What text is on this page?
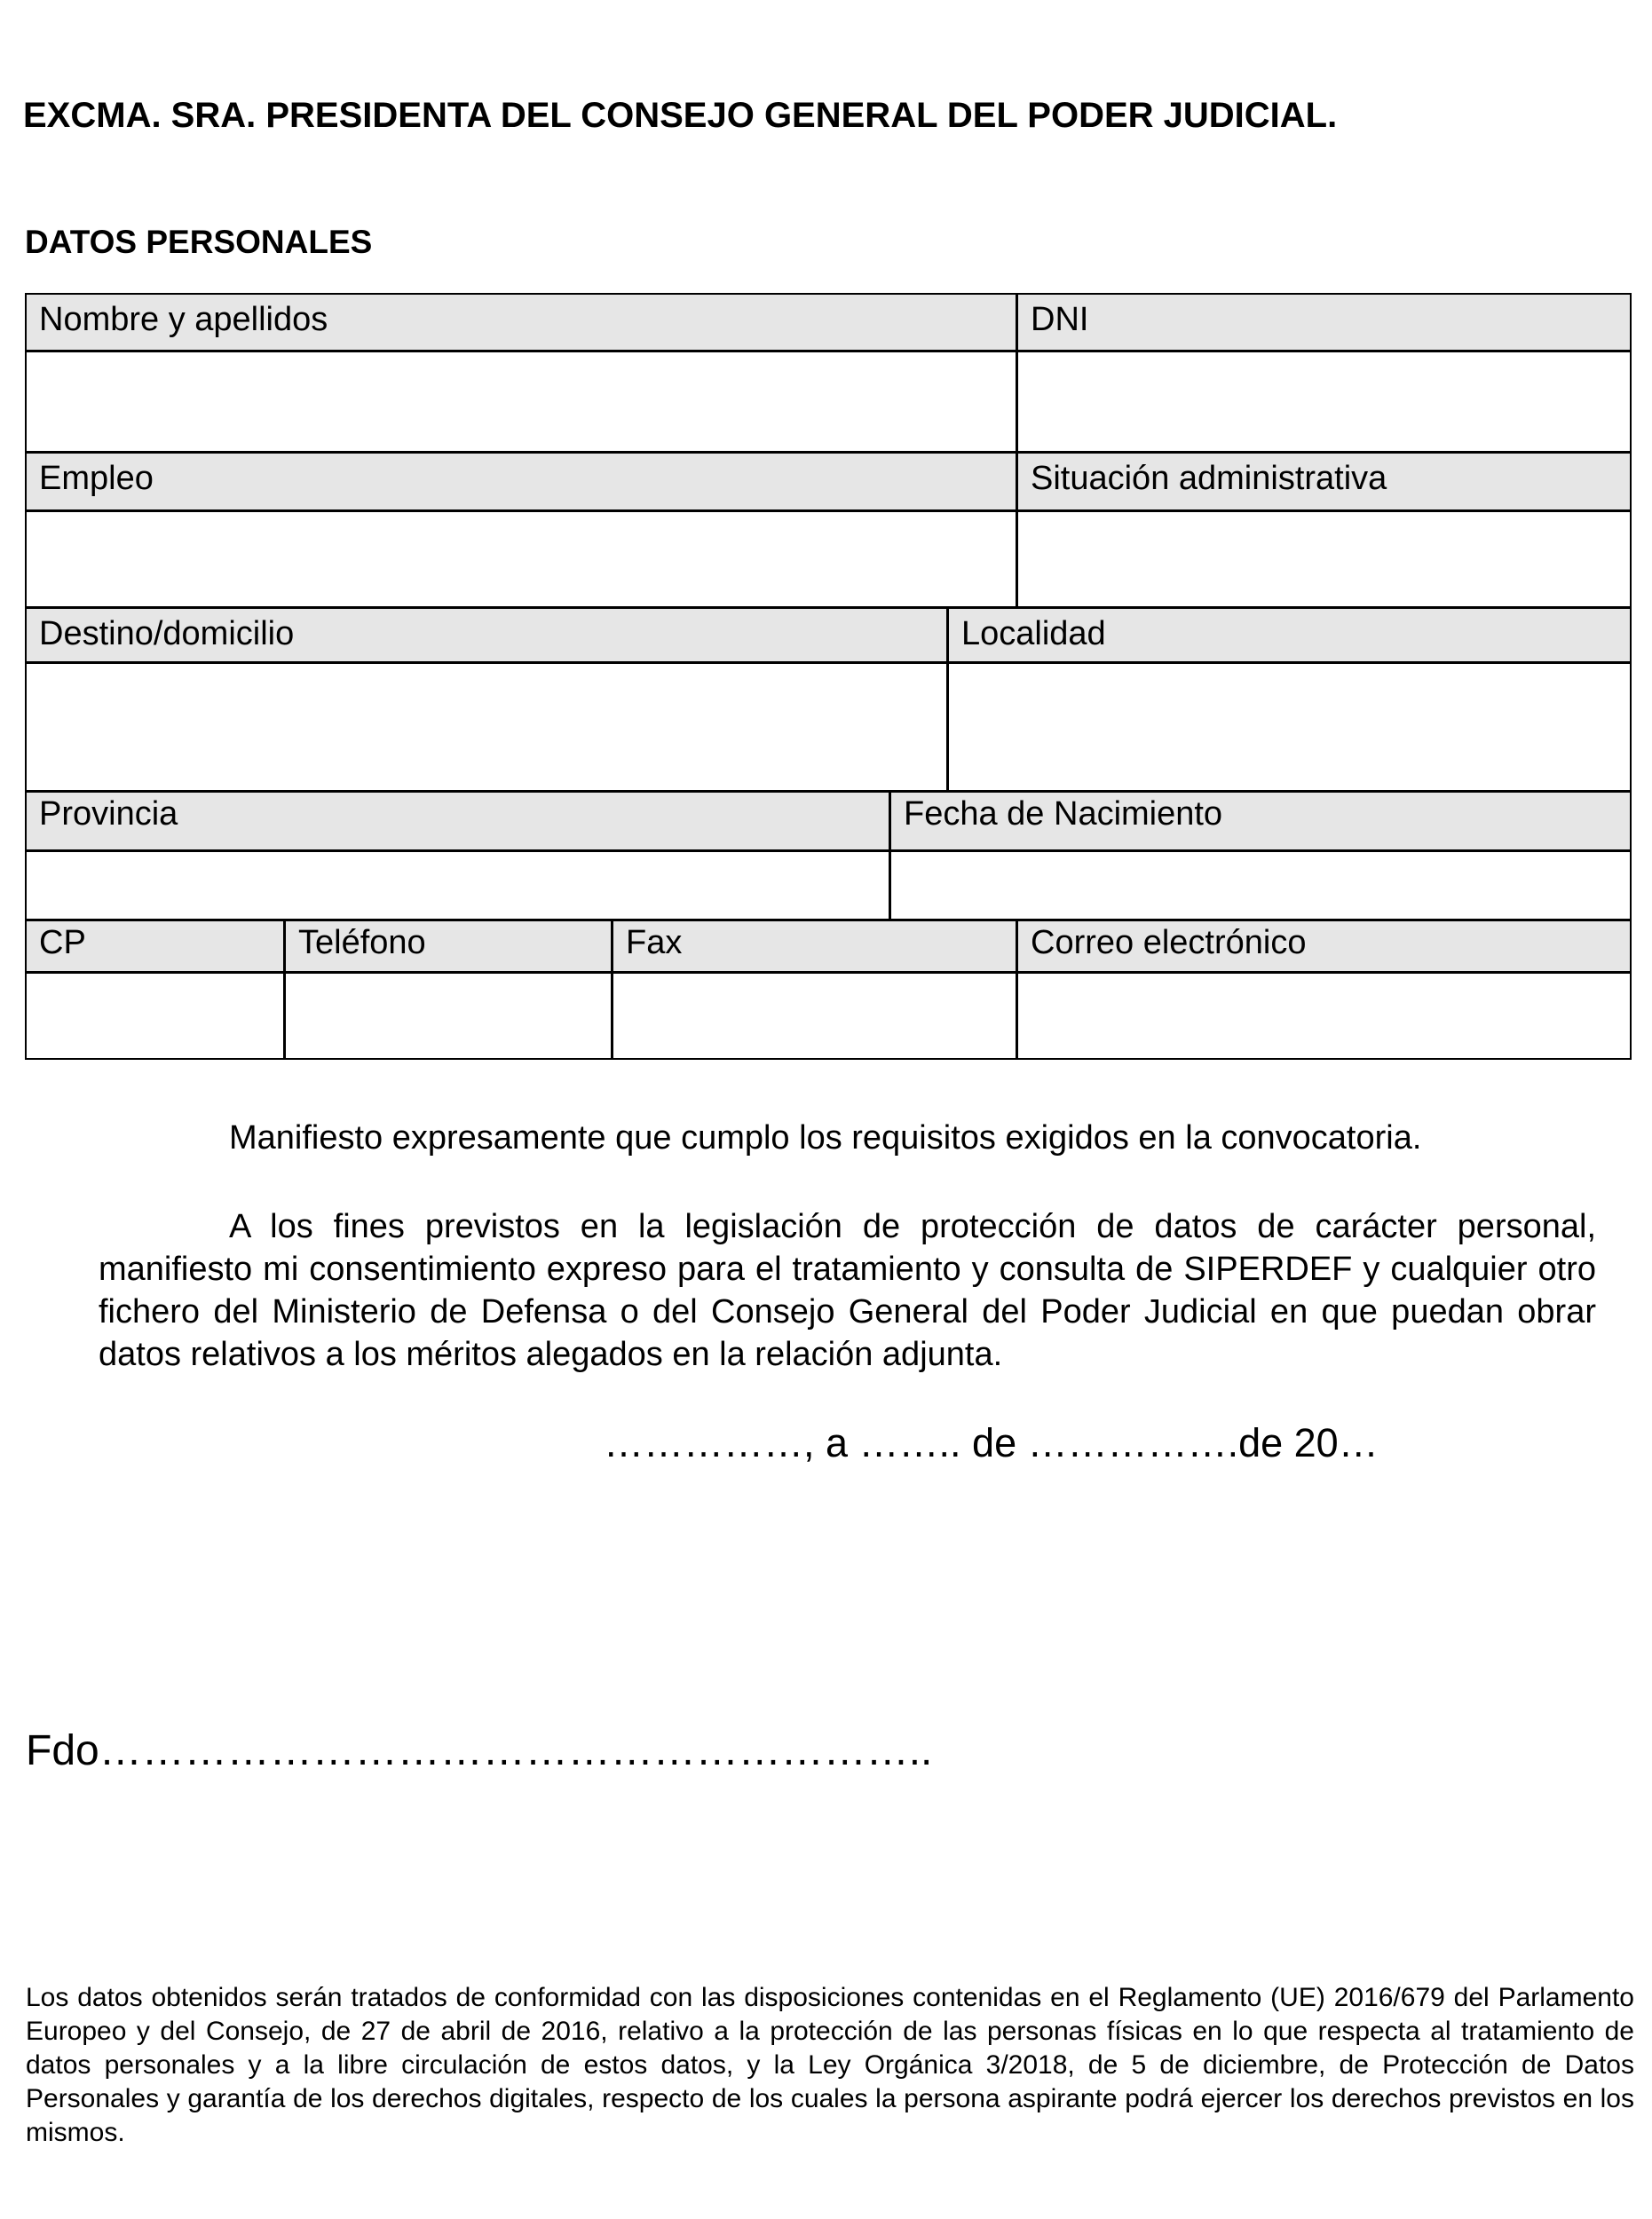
EXCMA. SRA. PRESIDENTA DEL CONSEJO GENERAL DEL PODER JUDICIAL.
DATOS PERSONALES
Nombre y apellidos	DNI
Empleo	Situación administrativa
Destino/domicilio	Localidad
Provincia	Fecha de Nacimiento
CP	Teléfono	Fax	Correo electrónico
Manifiesto expresamente que cumplo los requisitos exigidos en la convocatoria.
A los fines previstos en la legislación de protección de datos de carácter personal, manifiesto mi consentimiento expreso para el tratamiento y consulta de SIPERDEF y cualquier otro fichero del Ministerio de Defensa o del Consejo General del Poder Judicial en que puedan obrar datos relativos a los méritos alegados en la relación adjunta.
……………, a …….. de …………….de 20…
Fdo…………………………………………………..
Los datos obtenidos serán tratados de conformidad con las disposiciones contenidas en el Reglamento (UE) 2016/679 del Parlamento Europeo y del Consejo, de 27 de abril de 2016, relativo a la protección de las personas físicas en lo que respecta al tratamiento de datos personales y a la libre circulación de estos datos, y la Ley Orgánica 3/2018, de 5 de diciembre, de Protección de Datos Personales y garantía de los derechos digitales, respecto de los cuales la persona aspirante podrá ejercer los derechos previstos en los mismos.
